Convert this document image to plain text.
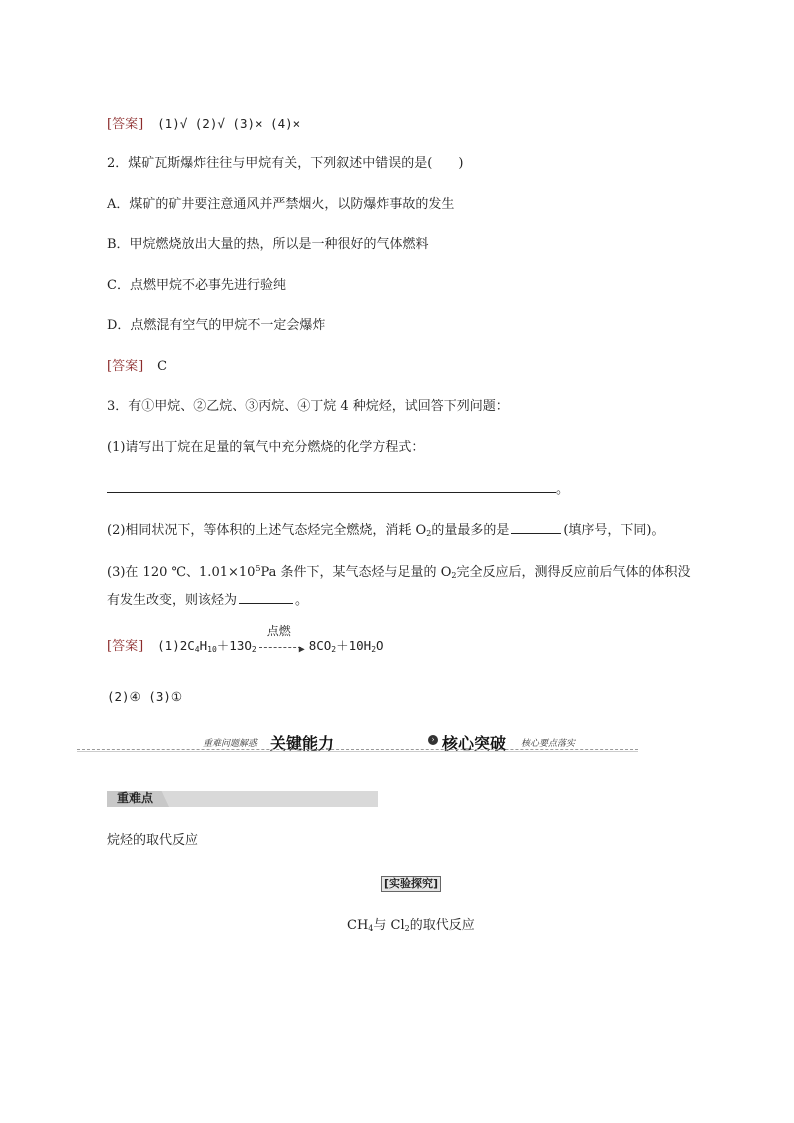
[答案] (1)√ (2)√ (3)× (4)×
2．煤矿瓦斯爆炸往往与甲烷有关，下列叙述中错误的是(　　)
A．煤矿的矿井要注意通风并严禁烟火，以防爆炸事故的发生
B．甲烷燃烧放出大量的热，所以是一种很好的气体燃料
C．点燃甲烷不必事先进行验纯
D．点燃混有空气的甲烷不一定会爆炸
[答案] C
3．有①甲烷、②乙烷、③丙烷、④丁烷 4 种烷烃，试回答下列问题：
(1)请写出丁烷在足量的氧气中充分燃烧的化学方程式：
。
(2)相同状况下，等体积的上述气态烃完全燃烧，消耗 $O_2$的量最多的是	(填序号，下同)。
(3)在 120 ℃、$1.01\times 10^5Pa$ 条件下，某气态烃与足量的 $O_2$完全反应后，测得反应前后气体的体积没
有发生改变，则该烃为	。
[答案] $(1)2C_4H_{10}+13O_2$
点燃
▶ $8CO_2+10H_2O$
(2)④ (3)①
重难问题解惑 关键能力	› 核心突破 核心要点落实
重难点
烷烃的取代反应
[实验探究]
$CH_4$与 $Cl_2$的取代反应
